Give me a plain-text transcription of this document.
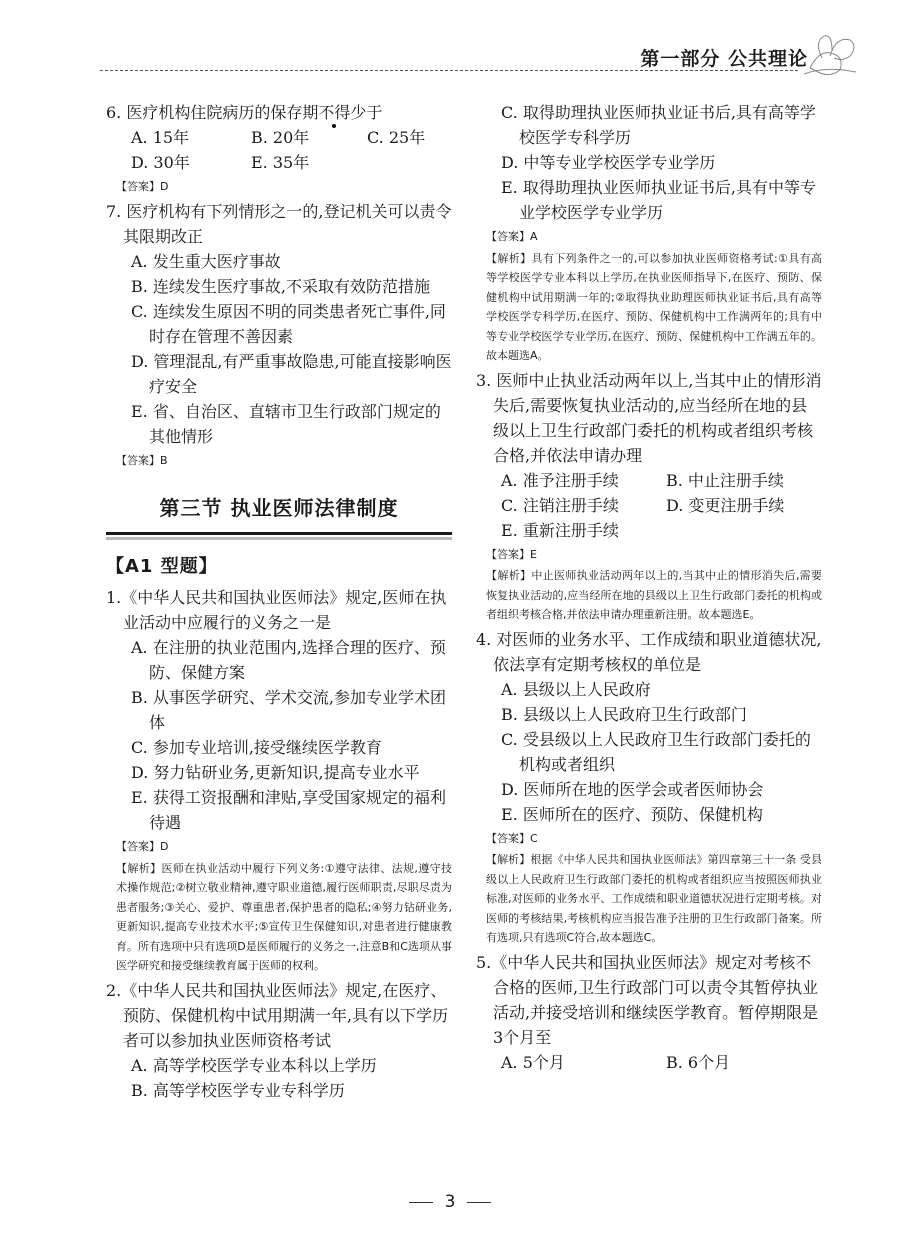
第一部分 公共理论

6. 医疗机构住院病历的保存期不得少于

A. 15年	B. 20年	C. 25年
D. 30年	E. 35年

【答案】D

7. 医疗机构有下列情形之一的,登记机关可以责令其限期改正

A. 发生重大医疗事故

B. 连续发生医疗事故,不采取有效防范措施

C. 连续发生原因不明的同类患者死亡事件,同时存在管理不善因素

D. 管理混乱,有严重事故隐患,可能直接影响医疗安全

E. 省、自治区、直辖市卫生行政部门规定的其他情形

【答案】B

第三节 执业医师法律制度
【A1 型题】

1.《中华人民共和国执业医师法》规定,医师在执业活动中应履行的义务之一是

A. 在注册的执业范围内,选择合理的医疗、预防、保健方案

B. 从事医学研究、学术交流,参加专业学术团体

C. 参加专业培训,接受继续医学教育

D. 努力钻研业务,更新知识,提高专业水平

E. 获得工资报酬和津贴,享受国家规定的福利待遇

【答案】D

【解析】医师在执业活动中履行下列义务:①遵守法律、法规,遵守技术操作规范;②树立敬业精神,遵守职业道德,履行医师职责,尽职尽责为患者服务;③关心、爱护、尊重患者,保护患者的隐私;④努力钻研业务,更新知识,提高专业技术水平;⑤宣传卫生保健知识,对患者进行健康教育。所有选项中只有选项D是医师履行的义务之一,注意B和C选项从事医学研究和接受继续教育属于医师的权利。

2.《中华人民共和国执业医师法》规定,在医疗、预防、保健机构中试用期满一年,具有以下学历者可以参加执业医师资格考试

A. 高等学校医学专业本科以上学历

B. 高等学校医学专业专科学历

C. 取得助理执业医师执业证书后,具有高等学校医学专科学历

D. 中等专业学校医学专业学历

E. 取得助理执业医师执业证书后,具有中等专业学校医学专业学历

【答案】A

【解析】具有下列条件之一的,可以参加执业医师资格考试:①具有高等学校医学专业本科以上学历,在执业医师指导下,在医疗、预防、保健机构中试用期满一年的;②取得执业助理医师执业证书后,具有高等学校医学专科学历,在医疗、预防、保健机构中工作满两年的;具有中等专业学校医学专业学历,在医疗、预防、保健机构中工作满五年的。故本题选A。

3. 医师中止执业活动两年以上,当其中止的情形消失后,需要恢复执业活动的,应当经所在地的县级以上卫生行政部门委托的机构或者组织考核合格,并依法申请办理

A. 准予注册手续	B. 中止注册手续
C. 注销注册手续	D. 变更注册手续
E. 重新注册手续

【答案】E

【解析】中止医师执业活动两年以上的,当其中止的情形消失后,需要恢复执业活动的,应当经所在地的县级以上卫生行政部门委托的机构或者组织考核合格,并依法申请办理重新注册。故本题选E。

4. 对医师的业务水平、工作成绩和职业道德状况,依法享有定期考核权的单位是

A. 县级以上人民政府

B. 县级以上人民政府卫生行政部门

C. 受县级以上人民政府卫生行政部门委托的机构或者组织

D. 医师所在地的医学会或者医师协会

E. 医师所在的医疗、预防、保健机构

【答案】C

【解析】根据《中华人民共和国执业医师法》第四章第三十一条 受县级以上人民政府卫生行政部门委托的机构或者组织应当按照医师执业标准,对医师的业务水平、工作成绩和职业道德状况进行定期考核。对医师的考核结果,考核机构应当报告准予注册的卫生行政部门备案。所有选项,只有选项C符合,故本题选C。

5.《中华人民共和国执业医师法》规定对考核不合格的医师,卫生行政部门可以责令其暂停执业活动,并接受培训和继续医学教育。暂停期限是3个月至

A. 5个月	B. 6个月
3
